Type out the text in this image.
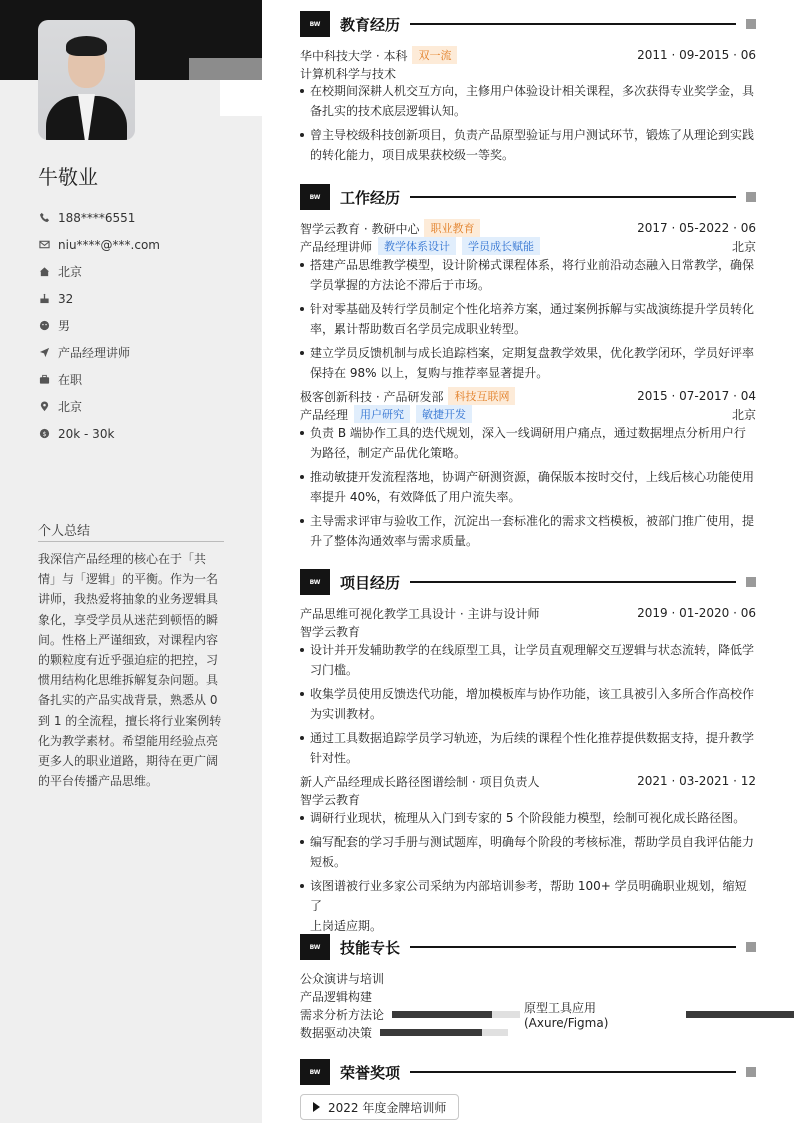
牛敬业
188****6551
niu****@***.com
北京
32
男
产品经理讲师
在职
北京
$ 20k - 30k
个人总结
我深信产品经理的核心在于「共
情」与「逻辑」的平衡。作为一名
讲师，我热爱将抽象的业务逻辑具
象化，享受学员从迷茫到顿悟的瞬
间。性格上严谨细致，对课程内容
的颗粒度有近乎强迫症的把控，习
惯用结构化思维拆解复杂问题。具
备扎实的产品实战背景，熟悉从 0
到 1 的全流程，擅长将行业案例转
化为教学素材。希望能用经验点亮
更多人的职业道路，期待在更广阔
的平台传播产品思维。
BW	教育经历
华中科技大学 · 本科	双一流	2011 · 09-2015 · 06
计算机科学与技术
在校期间深耕人机交互方向，主修用户体验设计相关课程，多次获得专业奖学金，具
备扎实的技术底层逻辑认知。
曾主导校级科技创新项目，负责产品原型验证与用户测试环节，锻炼了从理论到实践
的转化能力，项目成果获校级一等奖。
BW	工作经历
智学云教育 · 教研中心	职业教育	2017 · 05-2022 · 06
产品经理讲师	教学体系设计	学员成长赋能	北京
搭建产品思维教学模型，设计阶梯式课程体系，将行业前沿动态融入日常教学，确保
学员掌握的方法论不滞后于市场。
针对零基础及转行学员制定个性化培养方案，通过案例拆解与实战演练提升学员转化
率，累计帮助数百名学员完成职业转型。
建立学员反馈机制与成长追踪档案，定期复盘教学效果，优化教学闭环，学员好评率
保持在 98% 以上，复购与推荐率显著提升。
极客创新科技 · 产品研发部	科技互联网	2015 · 07-2017 · 04
产品经理	用户研究	敏捷开发	北京
负责 B 端协作工具的迭代规划，深入一线调研用户痛点，通过数据埋点分析用户行
为路径，制定产品优化策略。
推动敏捷开发流程落地，协调产研测资源，确保版本按时交付，上线后核心功能使用
率提升 40%，有效降低了用户流失率。
主导需求评审与验收工作，沉淀出一套标准化的需求文档模板，被部门推广使用，提
升了整体沟通效率与需求质量。
BW	项目经历
产品思维可视化教学工具设计 · 主讲与设计师	2019 · 01-2020 · 06
智学云教育
设计并开发辅助教学的在线原型工具，让学员直观理解交互逻辑与状态流转，降低学
习门槛。
收集学员使用反馈迭代功能，增加模板库与协作功能，该工具被引入多所合作高校作
为实训教材。
通过工具数据追踪学员学习轨迹，为后续的课程个性化推荐提供数据支持，提升教学
针对性。
新人产品经理成长路径图谱绘制 · 项目负责人	2021 · 03-2021 · 12
智学云教育
调研行业现状，梳理从入门到专家的 5 个阶段能力模型，绘制可视化成长路径图。
编写配套的学习手册与测试题库，明确每个阶段的考核标准，帮助学员自我评估能力
短板。
该图谱被行业多家公司采纳为内部培训参考，帮助 100+ 学员明确职业规划，缩短了
上岗适应期。
BW	技能专长
公众演讲与培训
产品逻辑构建
需求分析方法论	原型工具应用 (Axure/Figma)
数据驱动决策
BW	荣誉奖项
2022 年度金牌培训师
